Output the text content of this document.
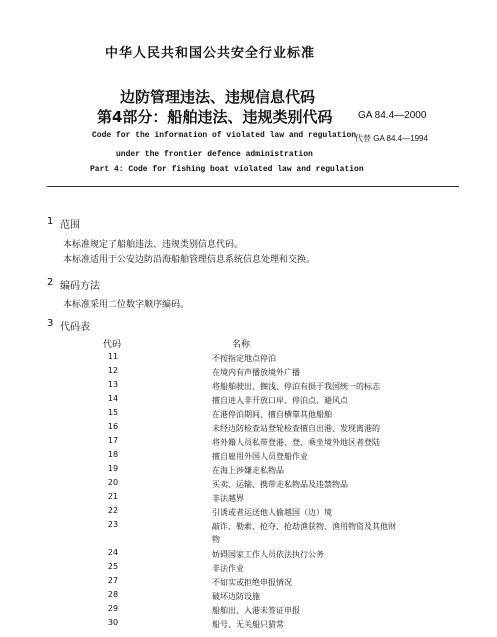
中华人民共和国公共安全行业标准
边防管理违法、违规信息代码
第4部分：船舶违法、违规类别代码	GA 84.4—2000
Code for the information of violated law and regulation
under the frontier defence administration
Part 4: Code for fishing boat violated law and regulation
代替 GA 84.4—1994
1 范围
本标准规定了船舶违法、违规类别信息代码。
本标准适用于公安边防沿海船舶管理信息系统信息处理和交换。
2 编码方法
本标准采用二位数字顺序编码。
3 代码表
代码	名称
11	不按指定地点停泊
12	在境内有声播放境外广播
13	将船舶驶出、搁浅、停泊有损于我国统一的标志
14	擅自进入非开放口岸、停泊点、避风点
15	在港停泊期间、擅自横靠其他船舶
16	未经边防检查站登轮检查擅自出港、发现离港的
17	将外籍人员私带登港、登、乘坐境外地区者登陆
18	擅自雇用外国人员登船作业
19	在海上涉嫌走私物品
20	买卖、运输、携带走私物品及违禁物品
21	非法越界
22	引诱或者运送他人偷越国（边）境
23	敲诈、勒索、抢夺、抢劫渔获物、渔用物资及其他财物
24	妨碍国家工作人员依法执行公务
25	非法作业
27	不如实或拒绝申报情况
28	破坏边防设施
29	船舶出、入港未签证申报
30	船号、无关船只猎常
